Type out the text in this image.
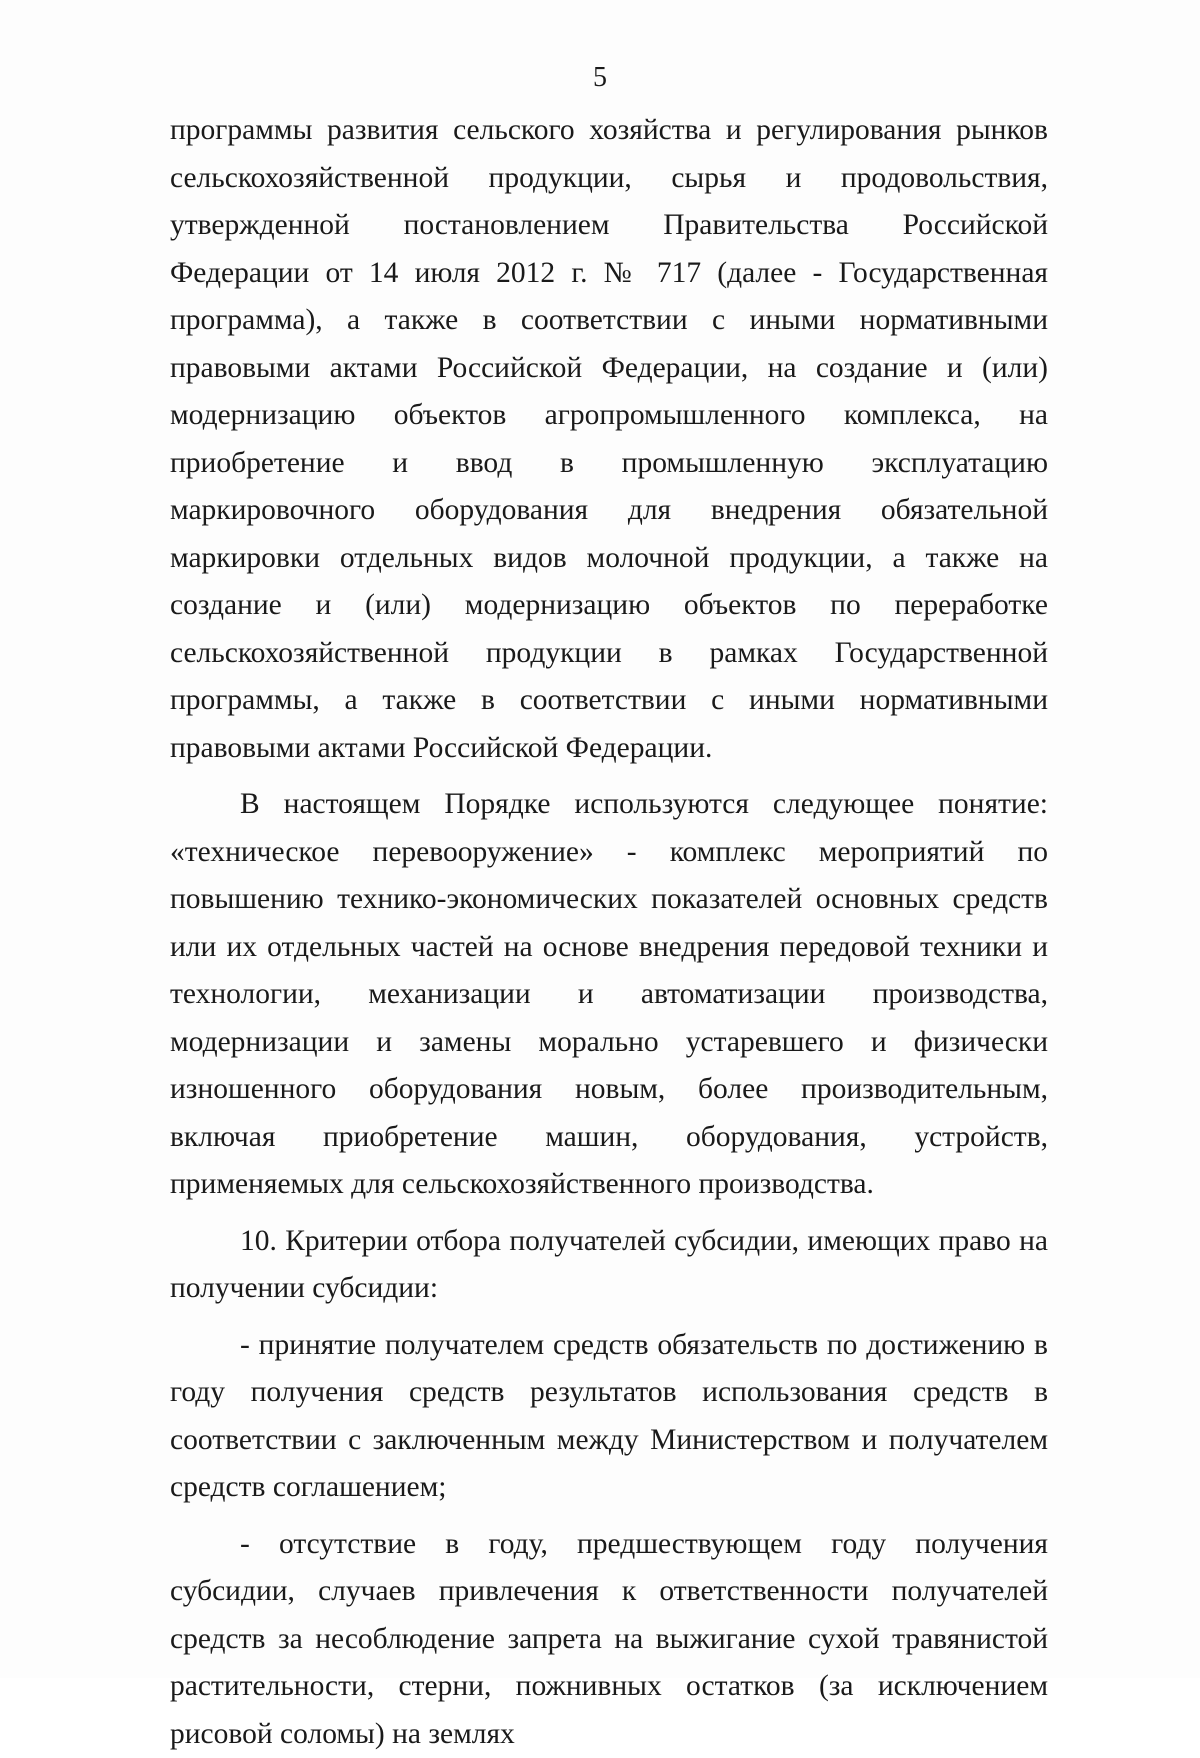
5

программы развития сельского хозяйства и регулирования рынков сельскохозяйственной продукции, сырья и продовольствия, утвержденной постановлением Правительства Российской Федерации от 14 июля 2012 г. № 717 (далее - Государственная программа), а также в соответствии с иными нормативными правовыми актами Российской Федерации, на создание и (или) модернизацию объектов агропромышленного комплекса, на приобретение и ввод в промышленную эксплуатацию маркировочного оборудования для внедрения обязательной маркировки отдельных видов молочной продукции, а также на создание и (или) модернизацию объектов по переработке сельскохозяйственной продукции в рамках Государственной программы, а также в соответствии с иными нормативными правовыми актами Российской Федерации.

В настоящем Порядке используются следующее понятие: «техническое перевооружение» - комплекс мероприятий по повышению технико-экономических показателей основных средств или их отдельных частей на основе внедрения передовой техники и технологии, механизации и автоматизации производства, модернизации и замены морально устаревшего и физически изношенного оборудования новым, более производительным, включая приобретение машин, оборудования, устройств, применяемых для сельскохозяйственного производства.

10. Критерии отбора получателей субсидии, имеющих право на получении субсидии:

- принятие получателем средств обязательств по достижению в году получения средств результатов использования средств в соответствии с заключенным между Министерством и получателем средств соглашением;

- отсутствие в году, предшествующем году получения субсидии, случаев привлечения к ответственности получателей средств за несоблюдение запрета на выжигание сухой травянистой растительности, стерни, пожнивных остатков (за исключением рисовой соломы) на землях
